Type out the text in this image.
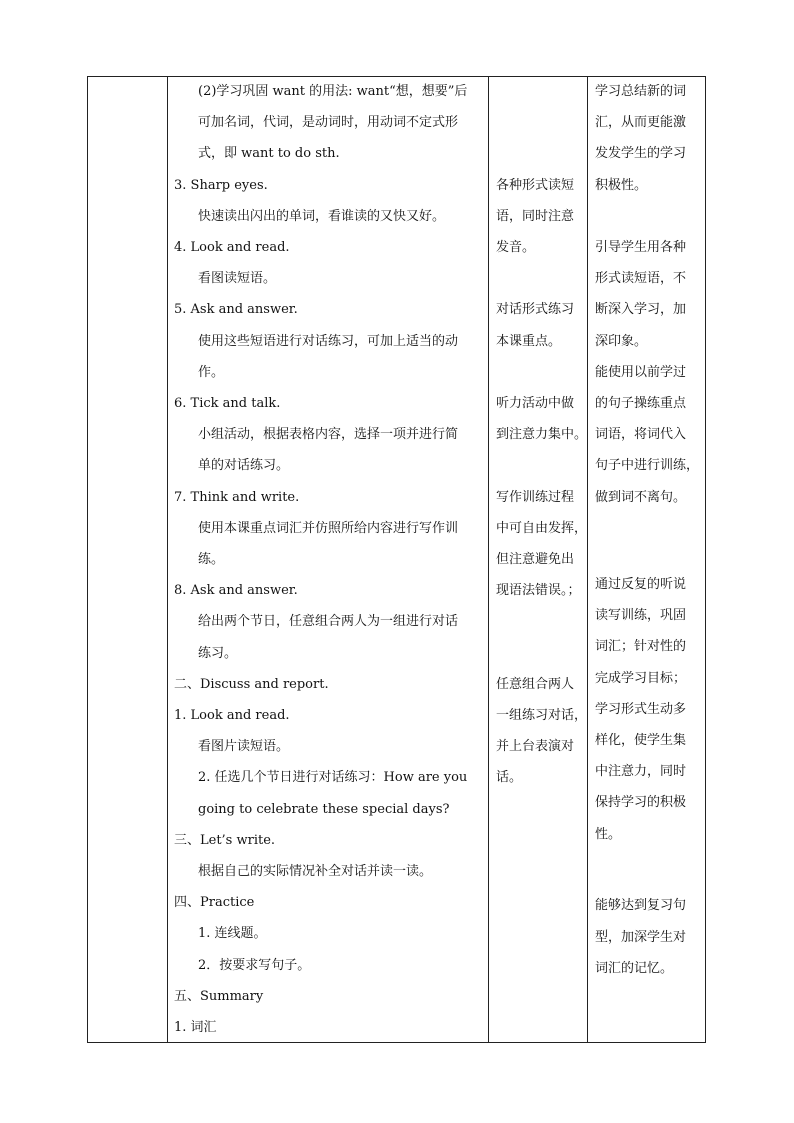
(2)学习巩固 want 的用法: want“想，想要”后
可加名词，代词，是动词时，用动词不定式形
式，即 want to do sth.
3. Sharp eyes.
快速读出闪出的单词，看谁读的又快又好。
4. Look and read.
看图读短语。
5. Ask and answer.
使用这些短语进行对话练习，可加上适当的动
作。
6. Tick and talk.
小组活动，根据表格内容，选择一项并进行简
单的对话练习。
7. Think and write.
使用本课重点词汇并仿照所给内容进行写作训
练。
8. Ask and answer.
给出两个节日，任意组合两人为一组进行对话
练习。
二、Discuss and report.
1. Look and read.
看图片读短语。
2. 任选几个节日进行对话练习：How are you
going to celebrate these special days?
三、Let’s write.
根据自己的实际情况补全对话并读一读。
四、Practice
1. 连线题。
2．按要求写句子。
五、Summary
1. 词汇
各种形式读短
语，同时注意
发音。
对话形式练习
本课重点。
听力活动中做
到注意力集中。
写作训练过程
中可自由发挥，
但注意避免出
现语法错误。；
任意组合两人
一组练习对话，
并上台表演对
话。
学习总结新的词
汇，从而更能激
发发学生的学习
积极性。
引导学生用各种
形式读短语，不
断深入学习，加
深印象。
能使用以前学过
的句子操练重点
词语，将词代入
句子中进行训练，
做到词不离句。
通过反复的听说
读写训练，巩固
词汇；针对性的
完成学习目标；
学习形式生动多
样化，使学生集
中注意力，同时
保持学习的积极
性。
能够达到复习句
型，加深学生对
词汇的记忆。
